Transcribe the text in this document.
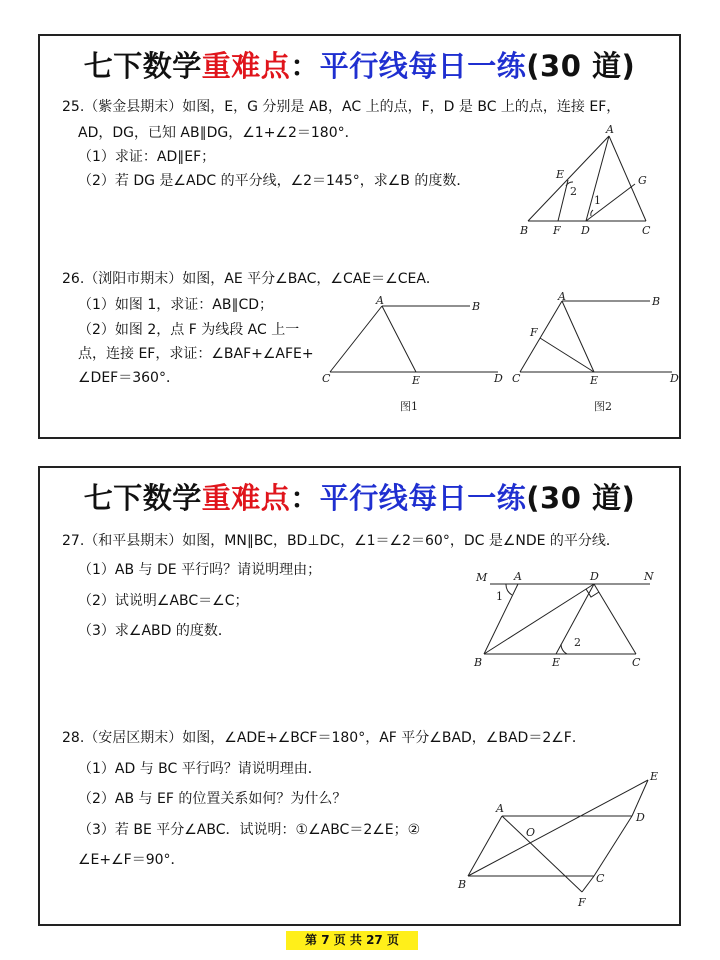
七下数学重难点：平行线每日一练(30 道)
25.（紫金县期末）如图，E，G 分别是 AB，AC 上的点，F，D 是 BC 上的点，连接 EF，
AD，DG，已知 AB∥DG，∠1+∠2＝180°．
（1）求证：AD∥EF；
（2）若 DG 是∠ADC 的平分线，∠2＝145°，求∠B 的度数．
A
B	C
D
E
F
G
1
2
26.（浏阳市期末）如图，AE 平分∠BAC，∠CAE＝∠CEA．
（1）如图 1，求证：AB∥CD；
（2）如图 2，点 F 为线段 AC 上一
点，连接 EF，求证：∠BAF+∠AFE+
∠DEF＝360°．
A	B
C	D
E
图1
A	B
C	D
E
F
图2
七下数学重难点：平行线每日一练(30 道)
27.（和平县期末）如图，MN∥BC，BD⊥DC，∠1＝∠2＝60°，DC 是∠NDE 的平分线．
（1）AB 与 DE 平行吗？请说明理由；
（2）试说明∠ABC＝∠C；
（3）求∠ABD 的度数．
M A	D	N
B	E	C
1
2
28.（安居区期末）如图，∠ADE+∠BCF＝180°，AF 平分∠BAD，∠BAD＝2∠F．
（1）AD 与 BC 平行吗？请说明理由．
（2）AB 与 EF 的位置关系如何？为什么？
（3）若 BE 平分∠ABC．试说明：①∠ABC＝2∠E；②
∠E+∠F＝90°．
A
B	C
D
E
F
O
第 7 页 共 27 页
